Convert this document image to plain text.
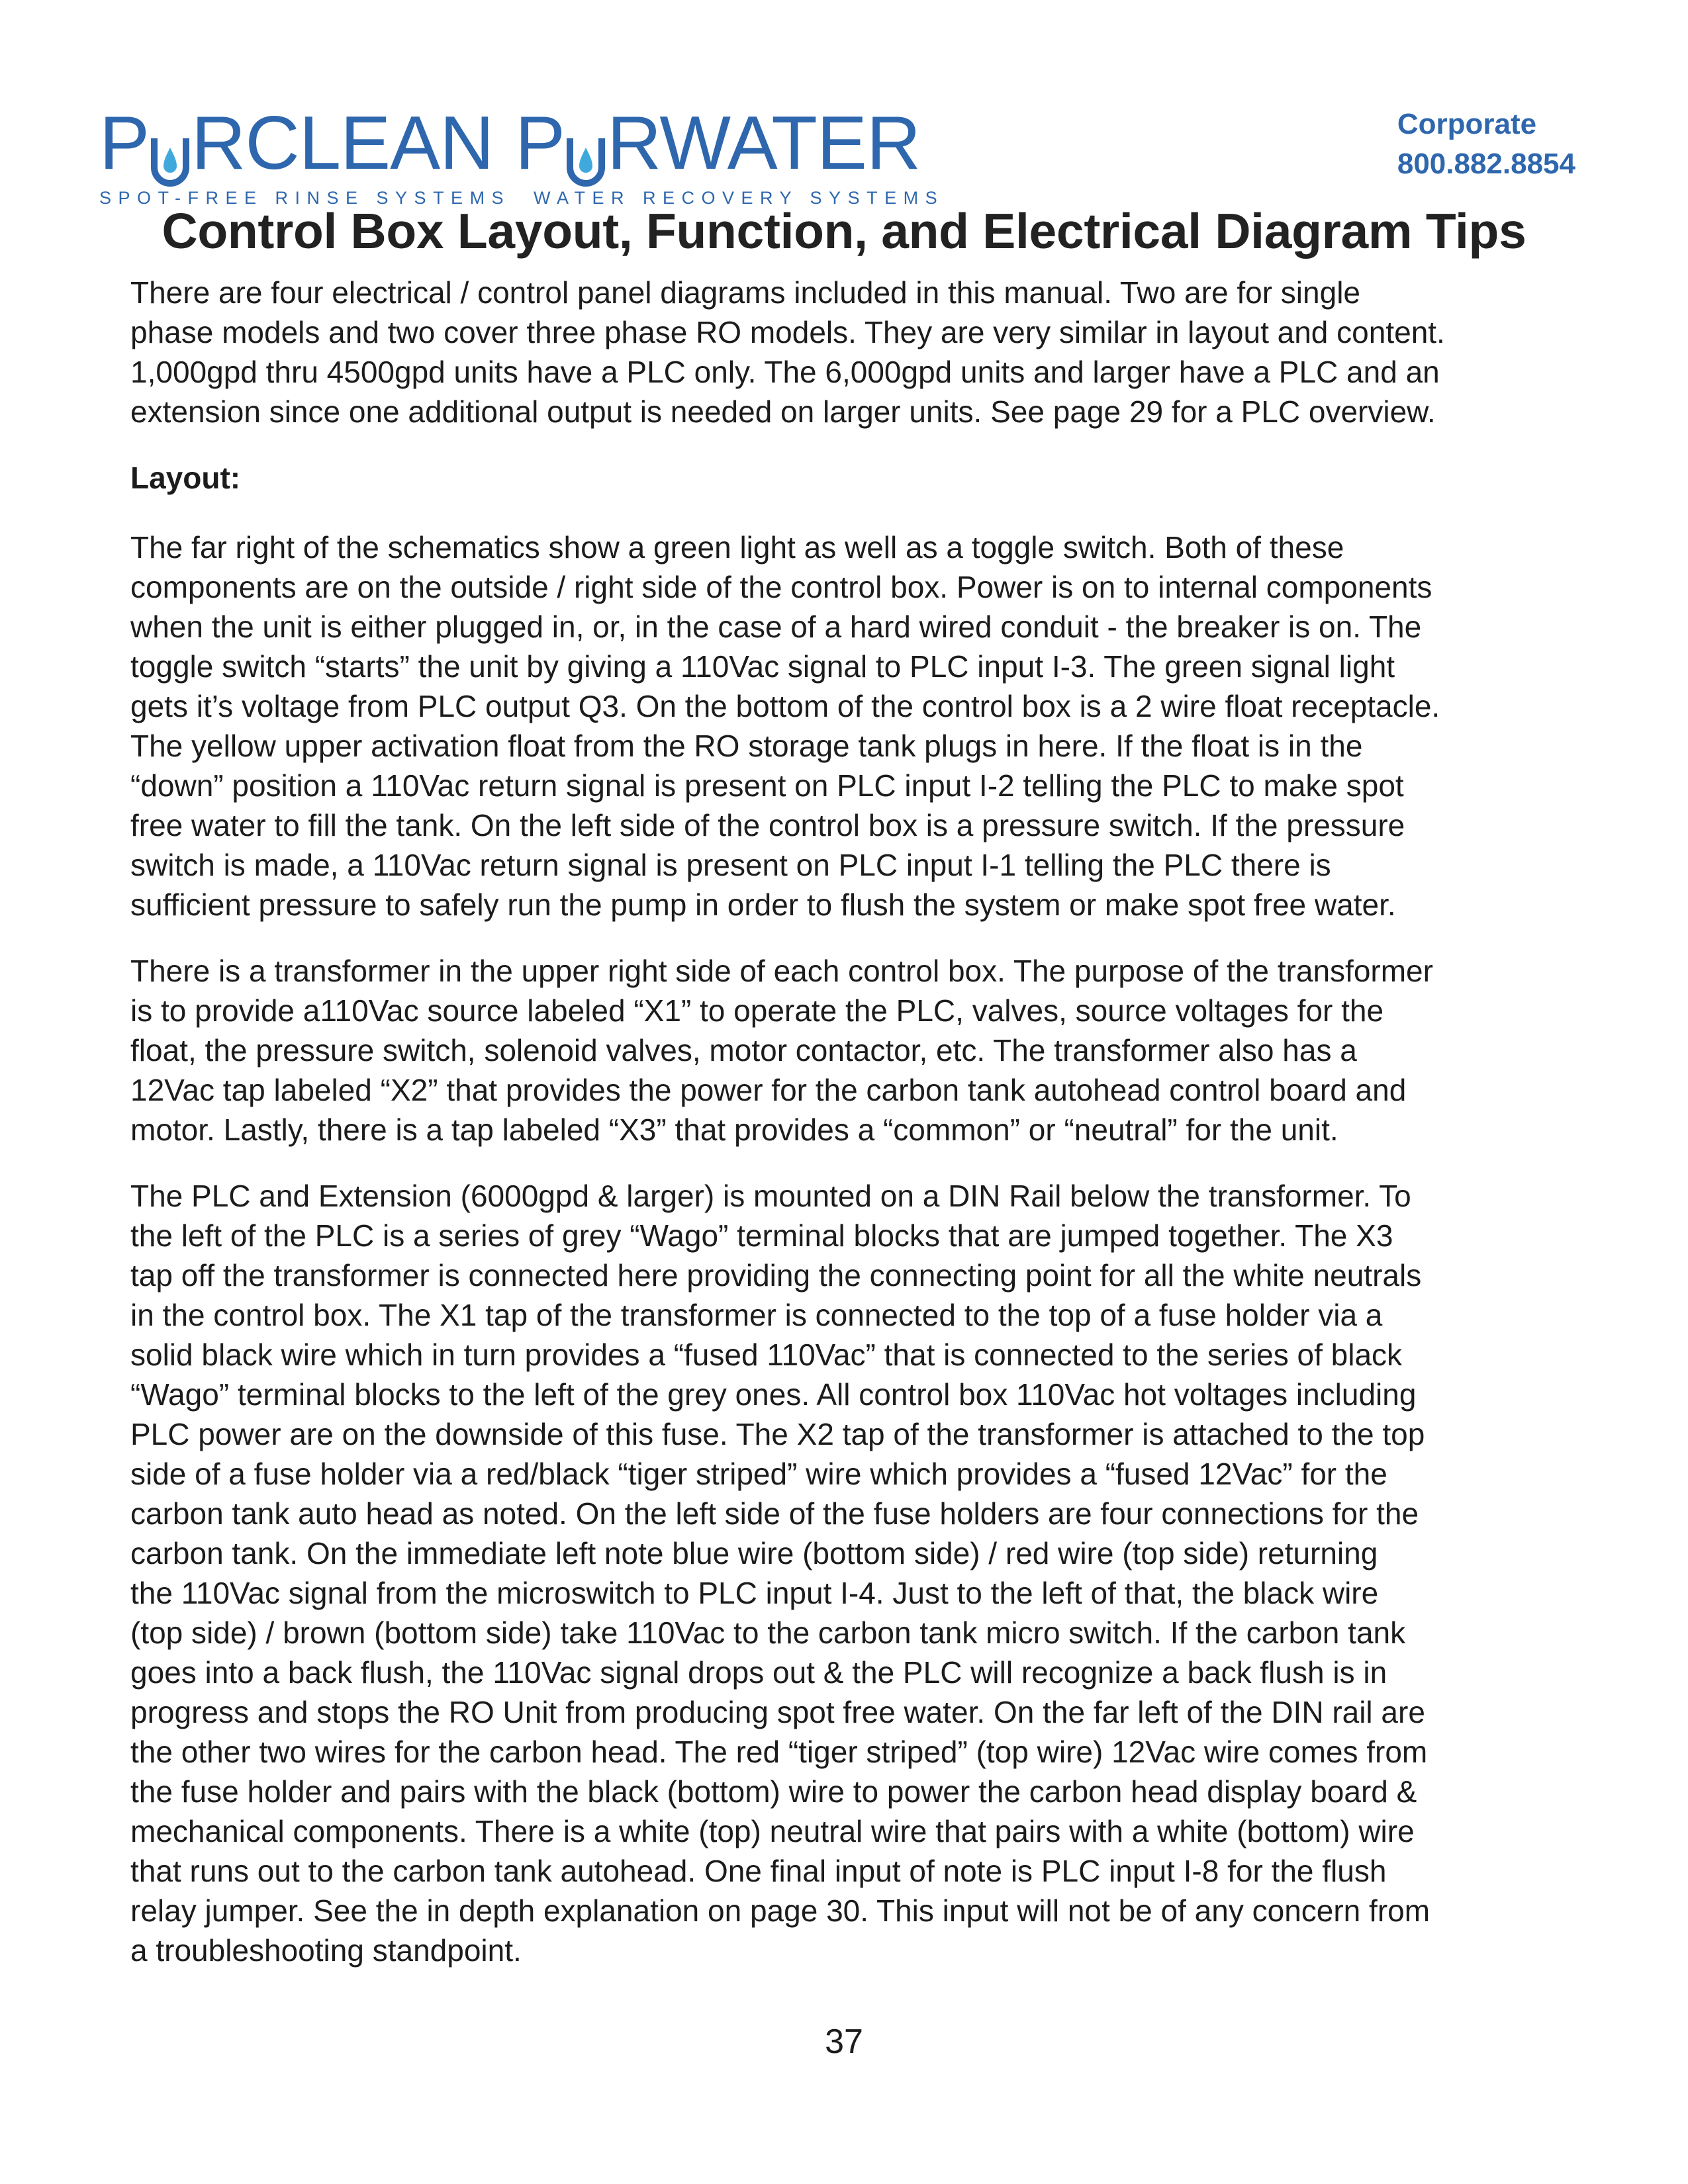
P RCLEAN
SPOT-FREE RINSE SYSTEMS
P RWATER
WATER RECOVERY SYSTEMS
Corporate
800.882.8854
Control Box Layout, Function, and Electrical Diagram Tips

There are four electrical / control panel diagrams included in this manual. Two are for single
phase models and two cover three phase RO models. They are very similar in layout and content.
1,000gpd thru 4500gpd units have a PLC only. The 6,000gpd units and larger have a PLC and an
extension since one additional output is needed on larger units. See page 29 for a PLC overview.

Layout:

The far right of the schematics show a green light as well as a toggle switch. Both of these
components are on the outside / right side of the control box. Power is on to internal components
when the unit is either plugged in, or, in the case of a hard wired conduit - the breaker is on. The
toggle switch “starts” the unit by giving a 110Vac signal to PLC input I-3. The green signal light
gets it’s voltage from PLC output Q3. On the bottom of the control box is a 2 wire float receptacle.
The yellow upper activation float from the RO storage tank plugs in here. If the float is in the
“down” position a 110Vac return signal is present on PLC input I-2 telling the PLC to make spot
free water to fill the tank. On the left side of the control box is a pressure switch. If the pressure
switch is made, a 110Vac return signal is present on PLC input I-1 telling the PLC there is
sufficient pressure to safely run the pump in order to flush the system or make spot free water.

There is a transformer in the upper right side of each control box. The purpose of the transformer
is to provide a110Vac source labeled “X1” to operate the PLC, valves, source voltages for the
float, the pressure switch, solenoid valves, motor contactor, etc. The transformer also has a
12Vac tap labeled “X2” that provides the power for the carbon tank autohead control board and
motor. Lastly, there is a tap labeled “X3” that provides a “common” or “neutral” for the unit.

The PLC and Extension (6000gpd & larger) is mounted on a DIN Rail below the transformer. To
the left of the PLC is a series of grey “Wago” terminal blocks that are jumped together. The X3
tap off the transformer is connected here providing the connecting point for all the white neutrals
in the control box. The X1 tap of the transformer is connected to the top of a fuse holder via a
solid black wire which in turn provides a “fused 110Vac” that is connected to the series of black
“Wago” terminal blocks to the left of the grey ones. All control box 110Vac hot voltages including
PLC power are on the downside of this fuse. The X2 tap of the transformer is attached to the top
side of a fuse holder via a red/black “tiger striped” wire which provides a “fused 12Vac” for the
carbon tank auto head as noted. On the left side of the fuse holders are four connections for the
carbon tank. On the immediate left note blue wire (bottom side) / red wire (top side) returning
the 110Vac signal from the microswitch to PLC input I-4. Just to the left of that, the black wire
(top side) / brown (bottom side) take 110Vac to the carbon tank micro switch. If the carbon tank
goes into a back flush, the 110Vac signal drops out & the PLC will recognize a back flush is in
progress and stops the RO Unit from producing spot free water. On the far left of the DIN rail are
the other two wires for the carbon head. The red “tiger striped” (top wire) 12Vac wire comes from
the fuse holder and pairs with the black (bottom) wire to power the carbon head display board &
mechanical components. There is a white (top) neutral wire that pairs with a white (bottom) wire
that runs out to the carbon tank autohead. One final input of note is PLC input I-8 for the flush
relay jumper. See the in depth explanation on page 30. This input will not be of any concern from
a troubleshooting standpoint.

37
